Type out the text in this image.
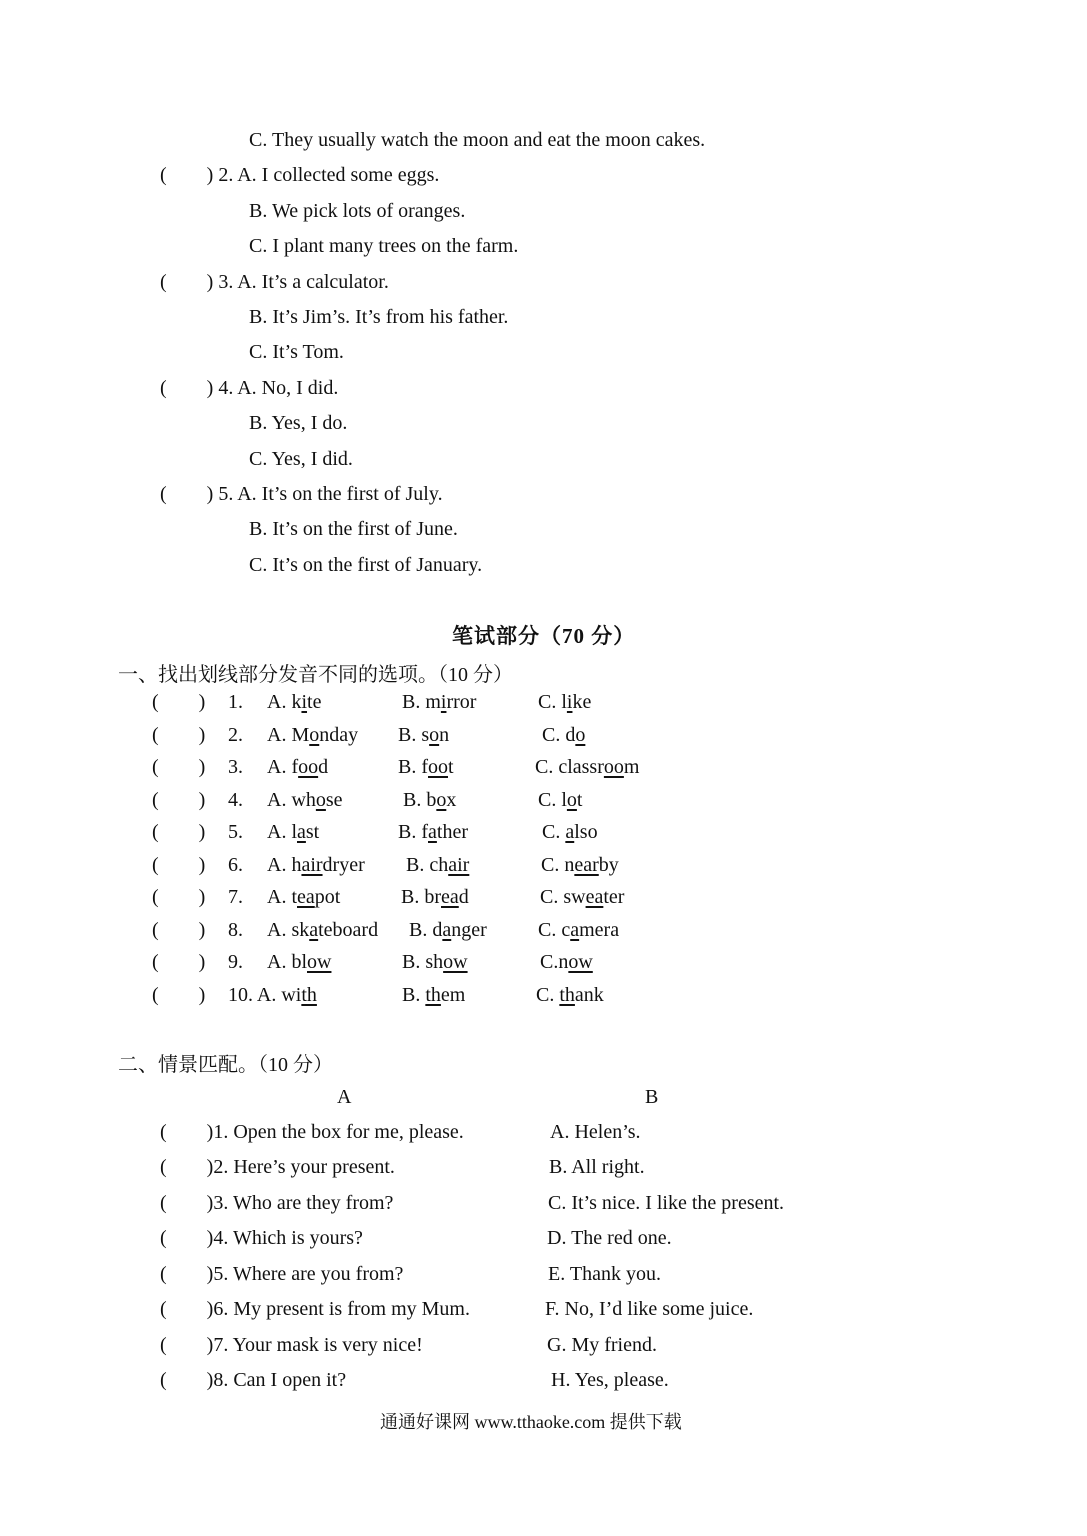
C. They usually watch the moon and eat the moon cakes.
(        ) 2. A. I collected some eggs.
B. We pick lots of oranges.
C. I plant many trees on the farm.
(        ) 3. A. It’s a calculator.
B. It’s Jim’s. It’s from his father.
C. It’s Tom.
(        ) 4. A. No, I did.
B. Yes, I do.
C. Yes, I did.
(        ) 5. A. It’s on the first of July.
B. It’s on the first of June.
C. It’s on the first of January.
笔试部分（70 分）
一、找出划线部分发音不同的选项。（10 分）
(        ) 1. A. kite	B. mirror	C. like
(        ) 2. A. Monday B. son	C. do
(        ) 3. A. food	B. foot	C. classroom
(        ) 4. A. whose	B. box	C. lot
(        ) 5. A. last	B. father	C. also
(        ) 6. A. hairdryer B. chair	C. nearby
(        ) 7. A. teapot	B. bread	C. sweater
(        ) 8. A. skateboard B. danger	C. camera
(        ) 9. A. blow	B. show	C.now
(        ) 10. A. with	B. them	C. thank
二、情景匹配。（10 分）
A	B
(        )1. Open the box for me, please.	A. Helen’s.
(        )2. Here’s your present.	B. All right.
(        )3. Who are they from?	C. It’s nice. I like the present.
(        )4. Which is yours?	D. The red one.
(        )5. Where are you from?	E. Thank you.
(        )6. My present is from my Mum.	F. No, I’d like some juice.
(        )7. Your mask is very nice!	G. My friend.
(        )8. Can I open it?	H. Yes, please.
通通好课网 www.tthaoke.com 提供下载
